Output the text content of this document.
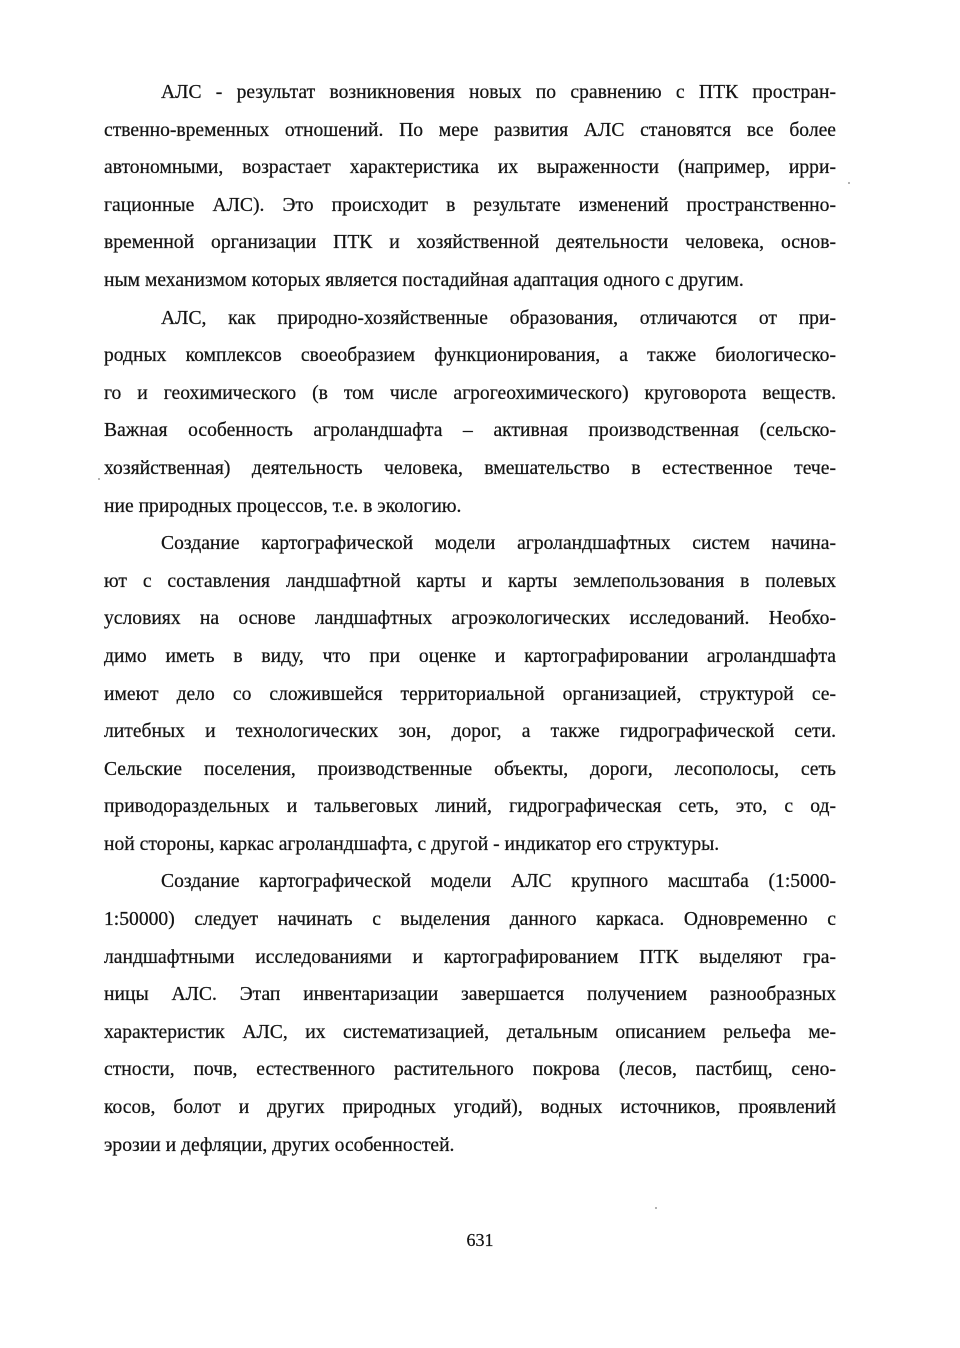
АЛС - результат возникновения новых по сравнению с ПТК простран-
ственно-временных отношений. По мере развития АЛС становятся все более
автономными, возрастает характеристика их выраженности (например, ирри-
гационные АЛС). Это происходит в результате изменений пространственно-
временной организации ПТК и хозяйственной деятельности человека, основ-
ным механизмом которых является постадийная адаптация одного с другим.
АЛС, как природно-хозяйственные образования, отличаются от при-
родных комплексов своеобразием функционирования, а также биологическо-
го и геохимического (в том числе агрогеохимического) круговорота веществ.
Важная особенность агроландшафта – активная производственная (сельско-
хозяйственная) деятельность человека, вмешательство в естественное тече-
ние природных процессов, т.е. в экологию.
Создание картографической модели агроландшафтных систем начина-
ют с составления ландшафтной карты и карты землепользования в полевых
условиях на основе ландшафтных агроэкологических исследований. Необхо-
димо иметь в виду, что при оценке и картографировании агроландшафта
имеют дело со сложившейся территориальной организацией, структурой се-
литебных и технологических зон, дорог, а также гидрографической сети.
Сельские поселения, производственные объекты, дороги, лесополосы, сеть
приводораздельных и тальвеговых линий, гидрографическая сеть, это, с од-
ной стороны, каркас агроландшафта, с другой - индикатор его структуры.
Создание картографической модели АЛС крупного масштаба (1:5000-
1:50000) следует начинать с выделения данного каркаса. Одновременно с
ландшафтными исследованиями и картографированием ПТК выделяют гра-
ницы АЛС. Этап инвентаризации завершается получением разнообразных
характеристик АЛС, их систематизацией, детальным описанием рельефа ме-
стности, почв, естественного растительного покрова (лесов, пастбищ, сено-
косов, болот и других природных угодий), водных источников, проявлений
эрозии и дефляции, других особенностей.
631
